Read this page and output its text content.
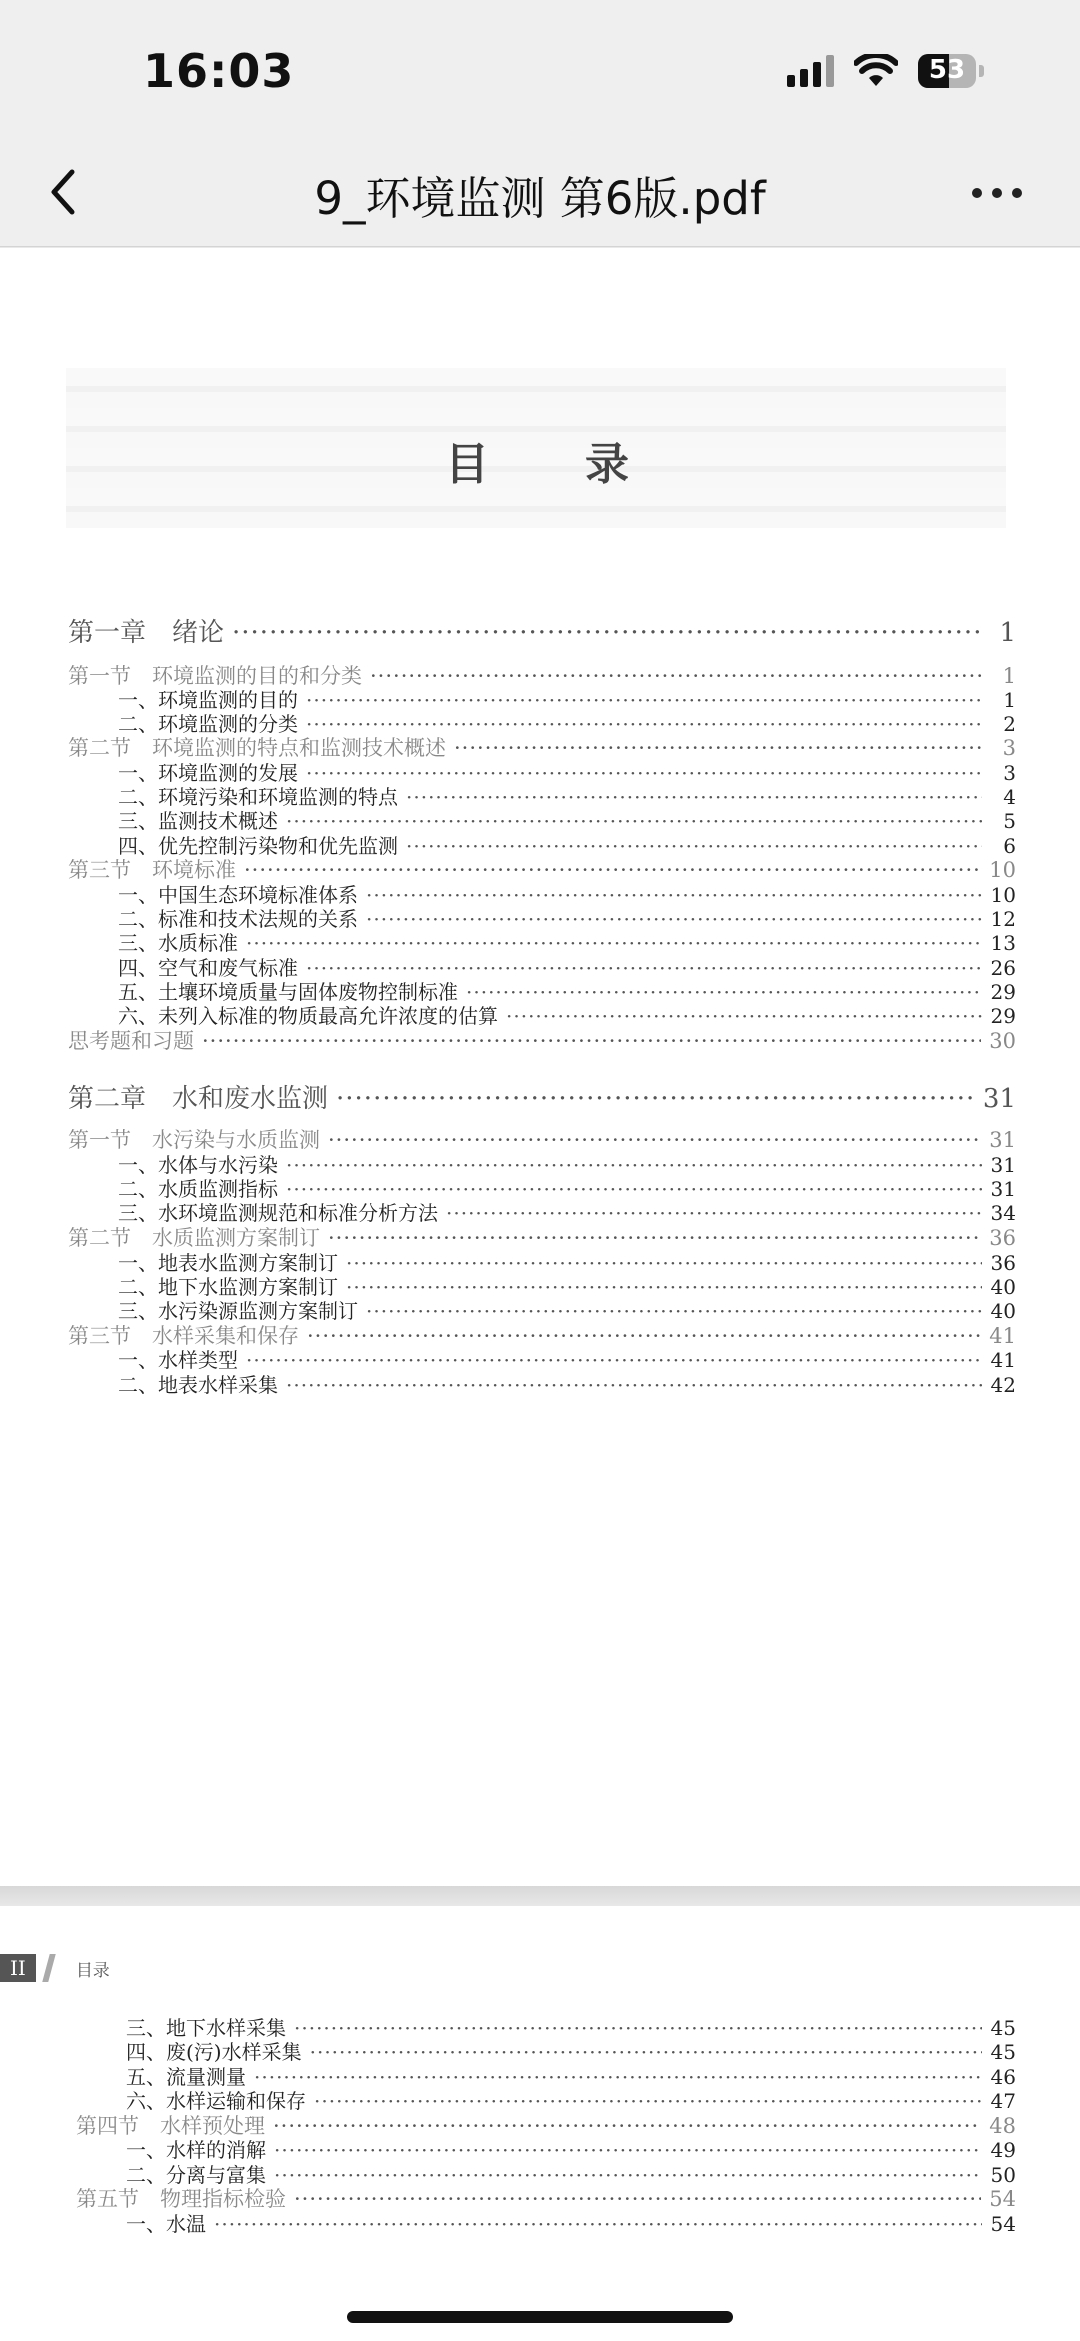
16:03	53
9_环境监测 第6版.pdf
目 录
第一章　绪论 ·····	1
第一节　环境监测的目的和分类 ·····	1
一、环境监测的目的 ·····	1
二、环境监测的分类 ·····	2
第二节　环境监测的特点和监测技术概述 ·····	3
一、环境监测的发展 ·····	3
二、环境污染和环境监测的特点 ·····	4
三、监测技术概述 ·····	5
四、优先控制污染物和优先监测 ·····	6
第三节　环境标准 ·····	10
一、中国生态环境标准体系 ·····	10
二、标准和技术法规的关系 ·····	12
三、水质标准 ·····	13
四、空气和废气标准 ·····	26
五、土壤环境质量与固体废物控制标准 ·····	29
六、未列入标准的物质最高允许浓度的估算 ·····	29
思考题和习题 ·····	30
第二章　水和废水监测 ·····	31
第一节　水污染与水质监测 ·····	31
一、水体与水污染 ·····	31
二、水质监测指标 ·····	31
三、水环境监测规范和标准分析方法 ·····	34
第二节　水质监测方案制订 ·····	36
一、地表水监测方案制订 ·····	36
二、地下水监测方案制订 ·····	40
三、水污染源监测方案制订 ·····	40
第三节　水样采集和保存 ·····	41
一、水样类型 ·····	41
二、地表水样采集 ·····	42
II	目录
三、地下水样采集 ·····	45
四、废(污)水样采集 ·····	45
五、流量测量 ·····	46
六、水样运输和保存 ·····	47
第四节　水样预处理 ·····	48
一、水样的消解 ·····	49
二、分离与富集 ·····	50
第五节　物理指标检验 ·····	54
一、水温 ·····	54
